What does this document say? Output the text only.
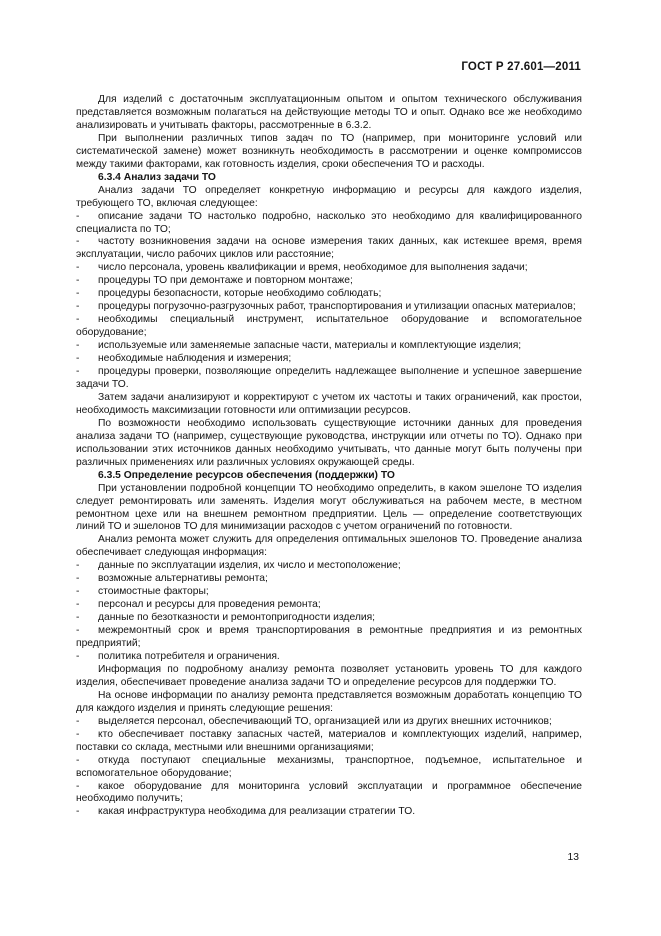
ГОСТ Р 27.601—2011

Для изделий с достаточным эксплуатационным опытом и опытом технического обслуживания представляется возможным полагаться на действующие методы ТО и опыт. Однако все же необходимо анализировать и учитывать факторы, рассмотренные в 6.3.2.

При выполнении различных типов задач по ТО (например, при мониторинге условий или систематической замене) может возникнуть необходимость в рассмотрении и оценке компромиссов между такими факторами, как готовность изделия, сроки обеспечения ТО и расходы.

6.3.4 Анализ задачи ТО

Анализ задачи ТО определяет конкретную информацию и ресурсы для каждого изделия, требующего ТО, включая следующее:

- описание задачи ТО настолько подробно, насколько это необходимо для квалифицированного специалиста по ТО;

- частоту возникновения задачи на основе измерения таких данных, как истекшее время, время эксплуатации, число рабочих циклов или расстояние;

- число персонала, уровень квалификации и время, необходимое для выполнения задачи;

- процедуры ТО при демонтаже и повторном монтаже;

- процедуры безопасности, которые необходимо соблюдать;

- процедуры погрузочно-разгрузочных работ, транспортирования и утилизации опасных материалов;

- необходимы специальный инструмент, испытательное оборудование и вспомогательное оборудование;

- используемые или заменяемые запасные части, материалы и комплектующие изделия;

- необходимые наблюдения и измерения;

- процедуры проверки, позволяющие определить надлежащее выполнение и успешное завершение задачи ТО.

Затем задачи анализируют и корректируют с учетом их частоты и таких ограничений, как простои, необходимость максимизации готовности или оптимизации ресурсов.

По возможности необходимо использовать существующие источники данных для проведения анализа задачи ТО (например, существующие руководства, инструкции или отчеты по ТО). Однако при использовании этих источников данных необходимо учитывать, что данные могут быть получены при различных применениях или различных условиях окружающей среды.

6.3.5 Определение ресурсов обеспечения (поддержки) ТО

При установлении подробной концепции ТО необходимо определить, в каком эшелоне ТО изделия следует ремонтировать или заменять. Изделия могут обслуживаться на рабочем месте, в местном ремонтном цехе или на внешнем ремонтном предприятии. Цель — определение соответствующих линий ТО и эшелонов ТО для минимизации расходов с учетом ограничений по готовности.

Анализ ремонта может служить для определения оптимальных эшелонов ТО. Проведение анализа обеспечивает следующая информация:

- данные по эксплуатации изделия, их число и местоположение;

- возможные альтернативы ремонта;

- стоимостные факторы;

- персонал и ресурсы для проведения ремонта;

- данные по безотказности и ремонтопригодности изделия;

- межремонтный срок и время транспортирования в ремонтные предприятия и из ремонтных предприятий;

- политика потребителя и ограничения.

Информация по подробному анализу ремонта позволяет установить уровень ТО для каждого изделия, обеспечивает проведение анализа задачи ТО и определение ресурсов для поддержки ТО.

На основе информации по анализу ремонта представляется возможным доработать концепцию ТО для каждого изделия и принять следующие решения:

- выделяется персонал, обеспечивающий ТО, организацией или из других внешних источников;

- кто обеспечивает поставку запасных частей, материалов и комплектующих изделий, например, поставки со склада, местными или внешними организациями;

- откуда поступают специальные механизмы, транспортное, подъемное, испытательное и вспомогательное оборудование;

- какое оборудование для мониторинга условий эксплуатации и программное обеспечение необходимо получить;

- какая инфраструктура необходима для реализации стратегии ТО.

13
